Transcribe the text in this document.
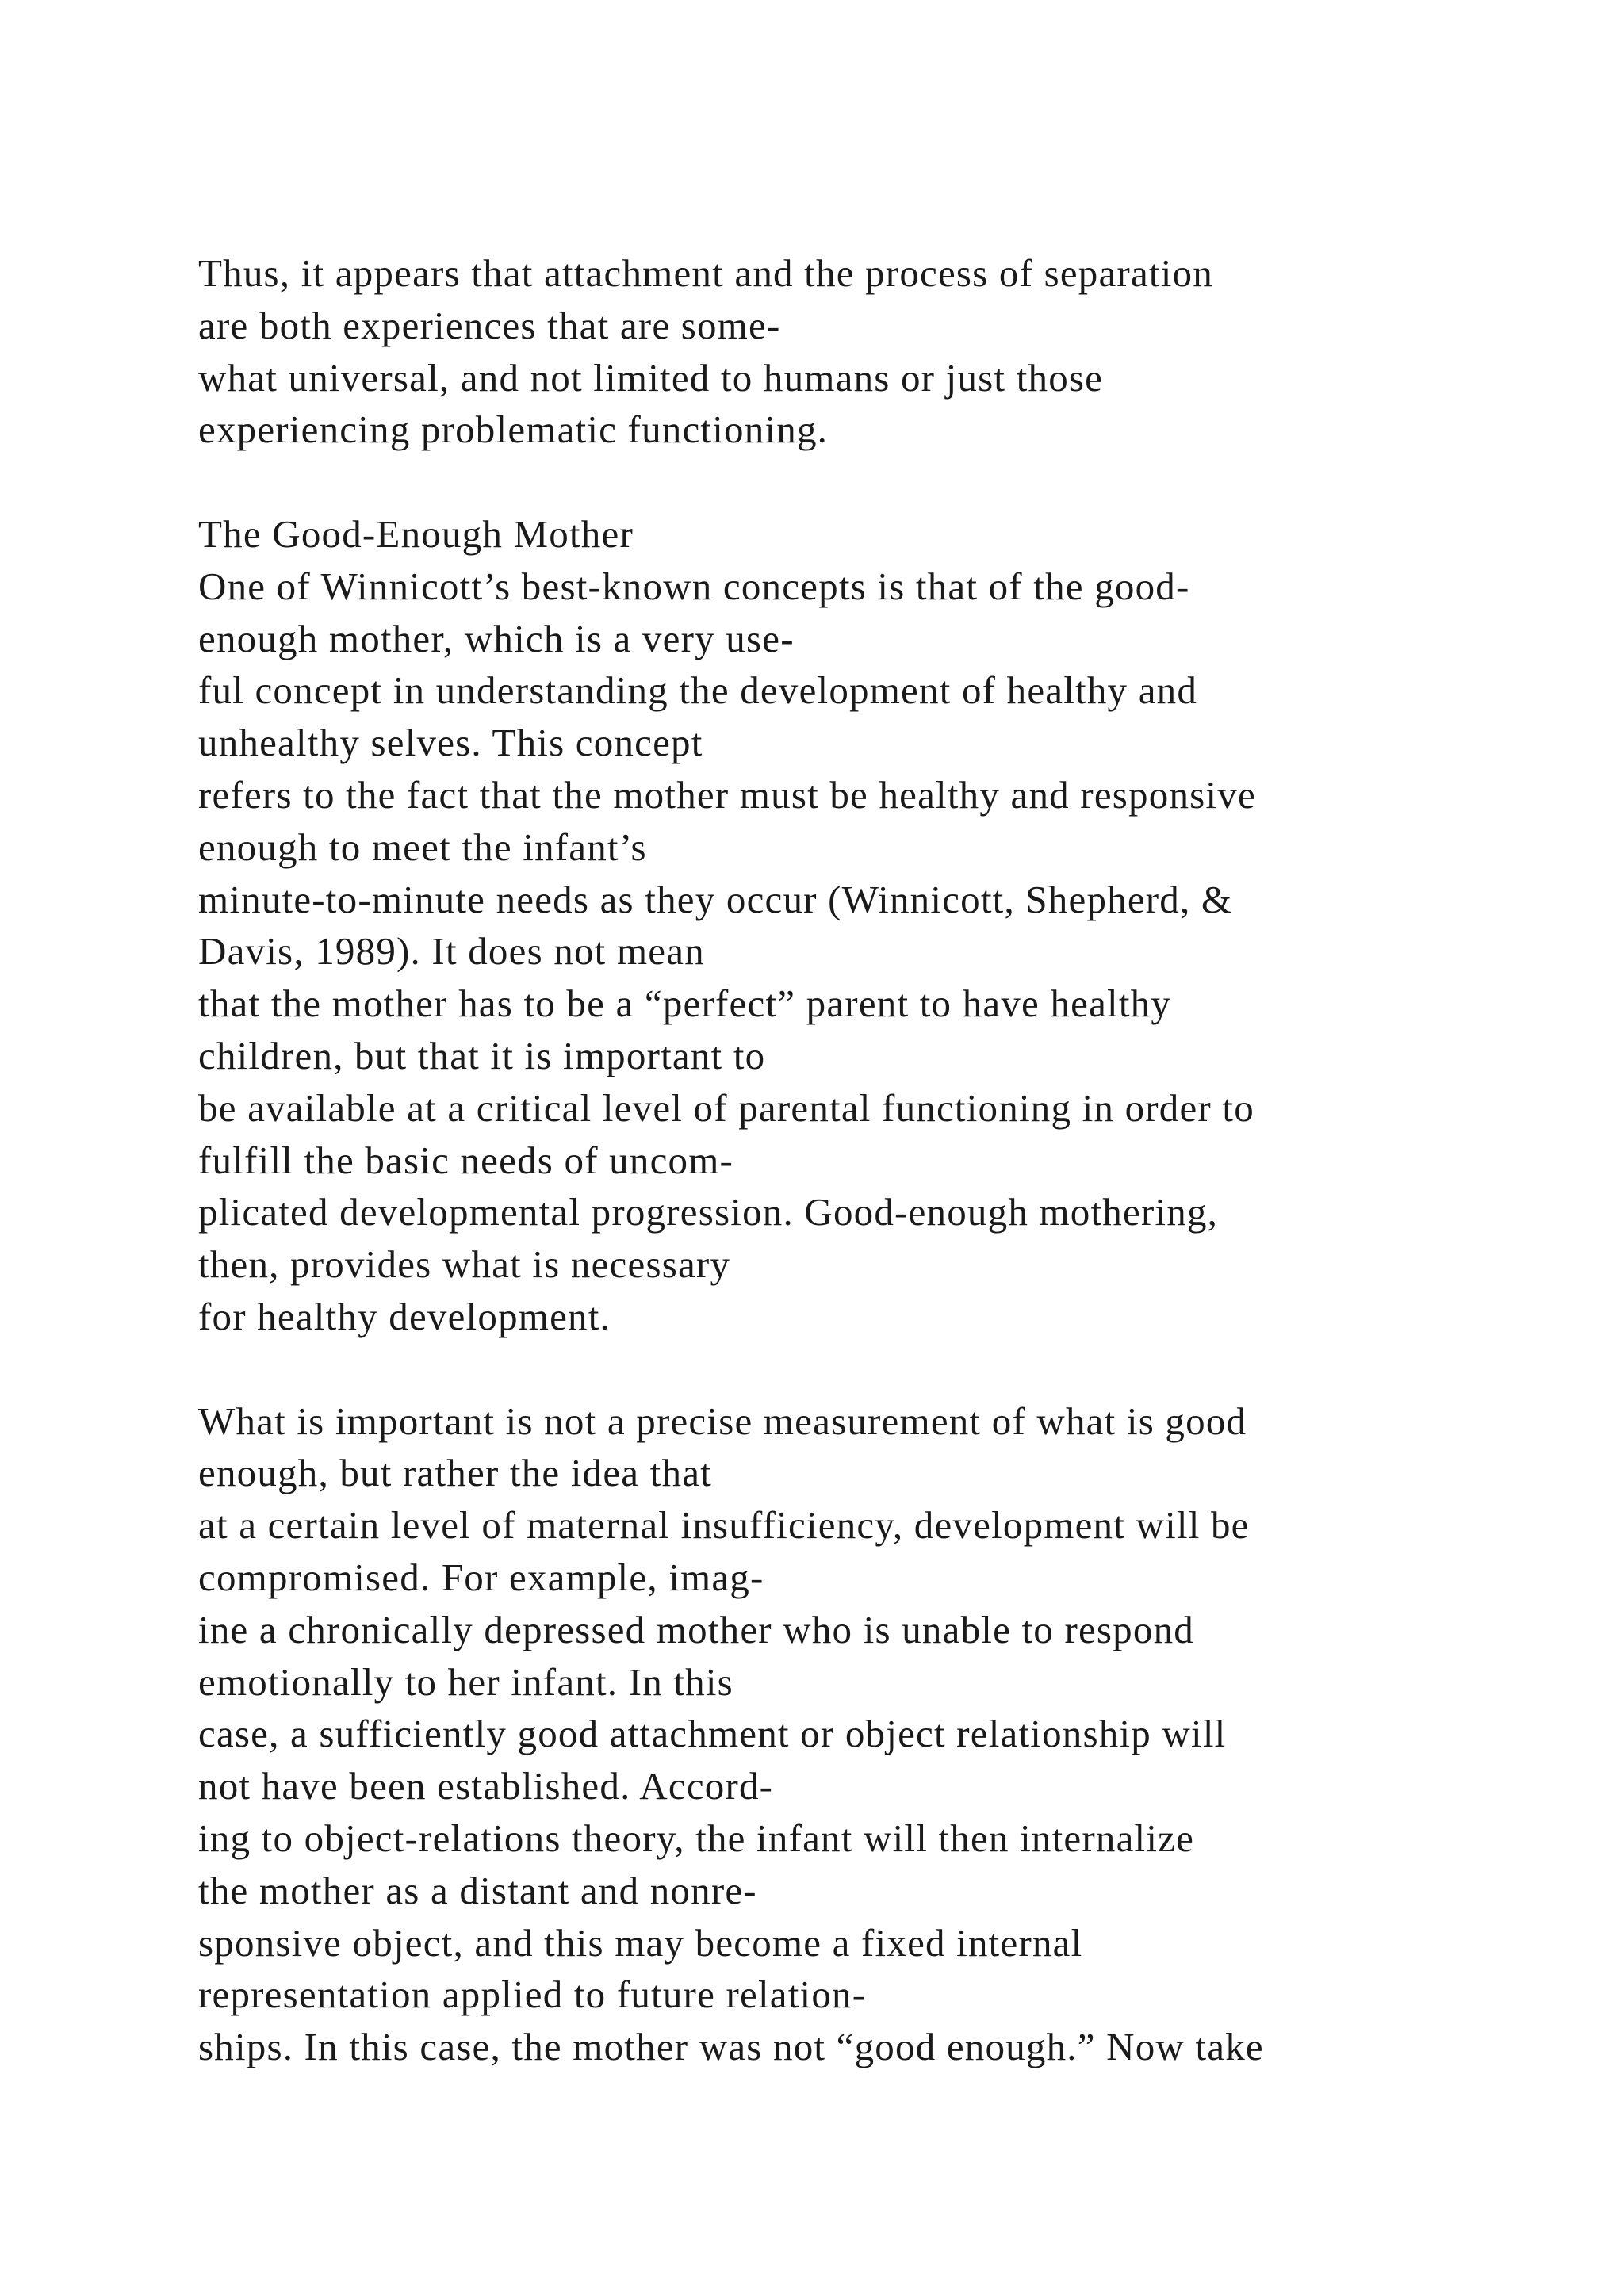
Thus, it appears that attachment and the process of separation
are both experiences that are some-
what universal, and not limited to humans or just those
experiencing problematic functioning.

The Good-Enough Mother
One of Winnicott’s best-known concepts is that of the good-
enough mother, which is a very use-
ful concept in understanding the development of healthy and
unhealthy selves. This concept
refers to the fact that the mother must be healthy and responsive
enough to meet the infant’s
minute-to-minute needs as they occur (Winnicott, Shepherd, &
Davis, 1989). It does not mean
that the mother has to be a “perfect” parent to have healthy
children, but that it is important to
be available at a critical level of parental functioning in order to
fulfill the basic needs of uncom-
plicated developmental progression. Good-enough mothering,
then, provides what is necessary
for healthy development.

What is important is not a precise measurement of what is good
enough, but rather the idea that
at a certain level of maternal insufficiency, development will be
compromised. For example, imag-
ine a chronically depressed mother who is unable to respond
emotionally to her infant. In this
case, a sufficiently good attachment or object relationship will
not have been established. Accord-
ing to object-relations theory, the infant will then internalize
the mother as a distant and nonre-
sponsive object, and this may become a fixed internal
representation applied to future relation-
ships. In this case, the mother was not “good enough.” Now take
